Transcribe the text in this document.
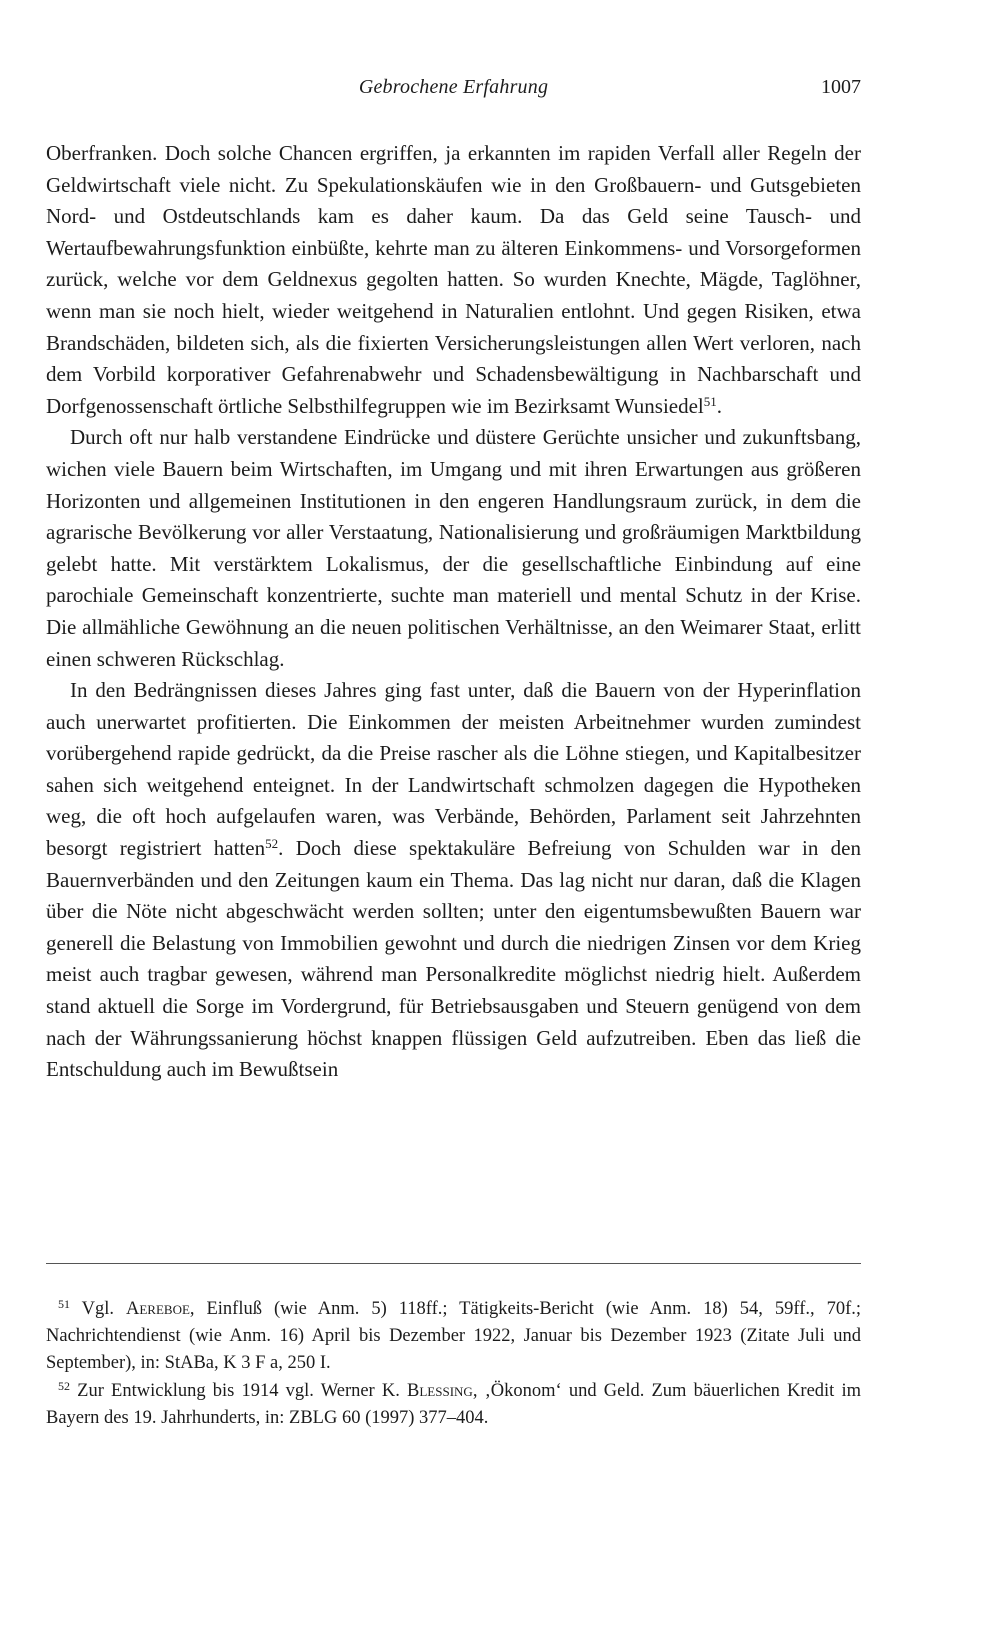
Gebrochene Erfahrung	1007

Oberfranken. Doch solche Chancen ergriffen, ja erkannten im rapiden Verfall aller Regeln der Geldwirtschaft viele nicht. Zu Spekulationskäufen wie in den Großbauern- und Gutsgebieten Nord- und Ostdeutschlands kam es daher kaum. Da das Geld seine Tausch- und Wertaufbewahrungsfunktion einbüßte, kehrte man zu älteren Einkommens- und Vorsorgeformen zurück, welche vor dem Geldnexus gegolten hatten. So wurden Knechte, Mägde, Taglöhner, wenn man sie noch hielt, wieder weitgehend in Naturalien entlohnt. Und gegen Risiken, etwa Brandschäden, bildeten sich, als die fixierten Versicherungsleistungen allen Wert verloren, nach dem Vorbild korporativer Gefahrenabwehr und Schadensbewältigung in Nachbarschaft und Dorfgenossenschaft örtliche Selbsthilfegruppen wie im Bezirksamt Wunsiedel$^{51}$.

Durch oft nur halb verstandene Eindrücke und düstere Gerüchte unsicher und zukunftsbang, wichen viele Bauern beim Wirtschaften, im Umgang und mit ihren Erwartungen aus größeren Horizonten und allgemeinen Institutionen in den engeren Handlungsraum zurück, in dem die agrarische Bevölkerung vor aller Verstaatung, Nationalisierung und großräumigen Marktbildung gelebt hatte. Mit verstärktem Lokalismus, der die gesellschaftliche Einbindung auf eine parochiale Gemeinschaft konzentrierte, suchte man materiell und mental Schutz in der Krise. Die allmähliche Gewöhnung an die neuen politischen Verhältnisse, an den Weimarer Staat, erlitt einen schweren Rückschlag.

In den Bedrängnissen dieses Jahres ging fast unter, daß die Bauern von der Hyperinflation auch unerwartet profitierten. Die Einkommen der meisten Arbeitnehmer wurden zumindest vorübergehend rapide gedrückt, da die Preise rascher als die Löhne stiegen, und Kapitalbesitzer sahen sich weitgehend enteignet. In der Landwirtschaft schmolzen dagegen die Hypotheken weg, die oft hoch aufgelaufen waren, was Verbände, Behörden, Parlament seit Jahrzehnten besorgt registriert hatten$^{52}$. Doch diese spektakuläre Befreiung von Schulden war in den Bauernverbänden und den Zeitungen kaum ein Thema. Das lag nicht nur daran, daß die Klagen über die Nöte nicht abgeschwächt werden sollten; unter den eigentumsbewußten Bauern war generell die Belastung von Immobilien gewohnt und durch die niedrigen Zinsen vor dem Krieg meist auch tragbar gewesen, während man Personalkredite möglichst niedrig hielt. Außerdem stand aktuell die Sorge im Vordergrund, für Betriebsausgaben und Steuern genügend von dem nach der Währungssanierung höchst knappen flüssigen Geld aufzutreiben. Eben das ließ die Entschuldung auch im Bewußtsein

$^{51}$ Vgl. Aereboe, Einfluß (wie Anm. 5) 118ff.; Tätigkeits-Bericht (wie Anm. 18) 54, 59ff., 70f.; Nachrichtendienst (wie Anm. 16) April bis Dezember 1922, Januar bis Dezember 1923 (Zitate Juli und September), in: StABa, K 3 F a, 250 I.

$^{52}$ Zur Entwicklung bis 1914 vgl. Werner K. Blessing, ‚Ökonom‘ und Geld. Zum bäuerlichen Kredit im Bayern des 19. Jahrhunderts, in: ZBLG 60 (1997) 377–404.
